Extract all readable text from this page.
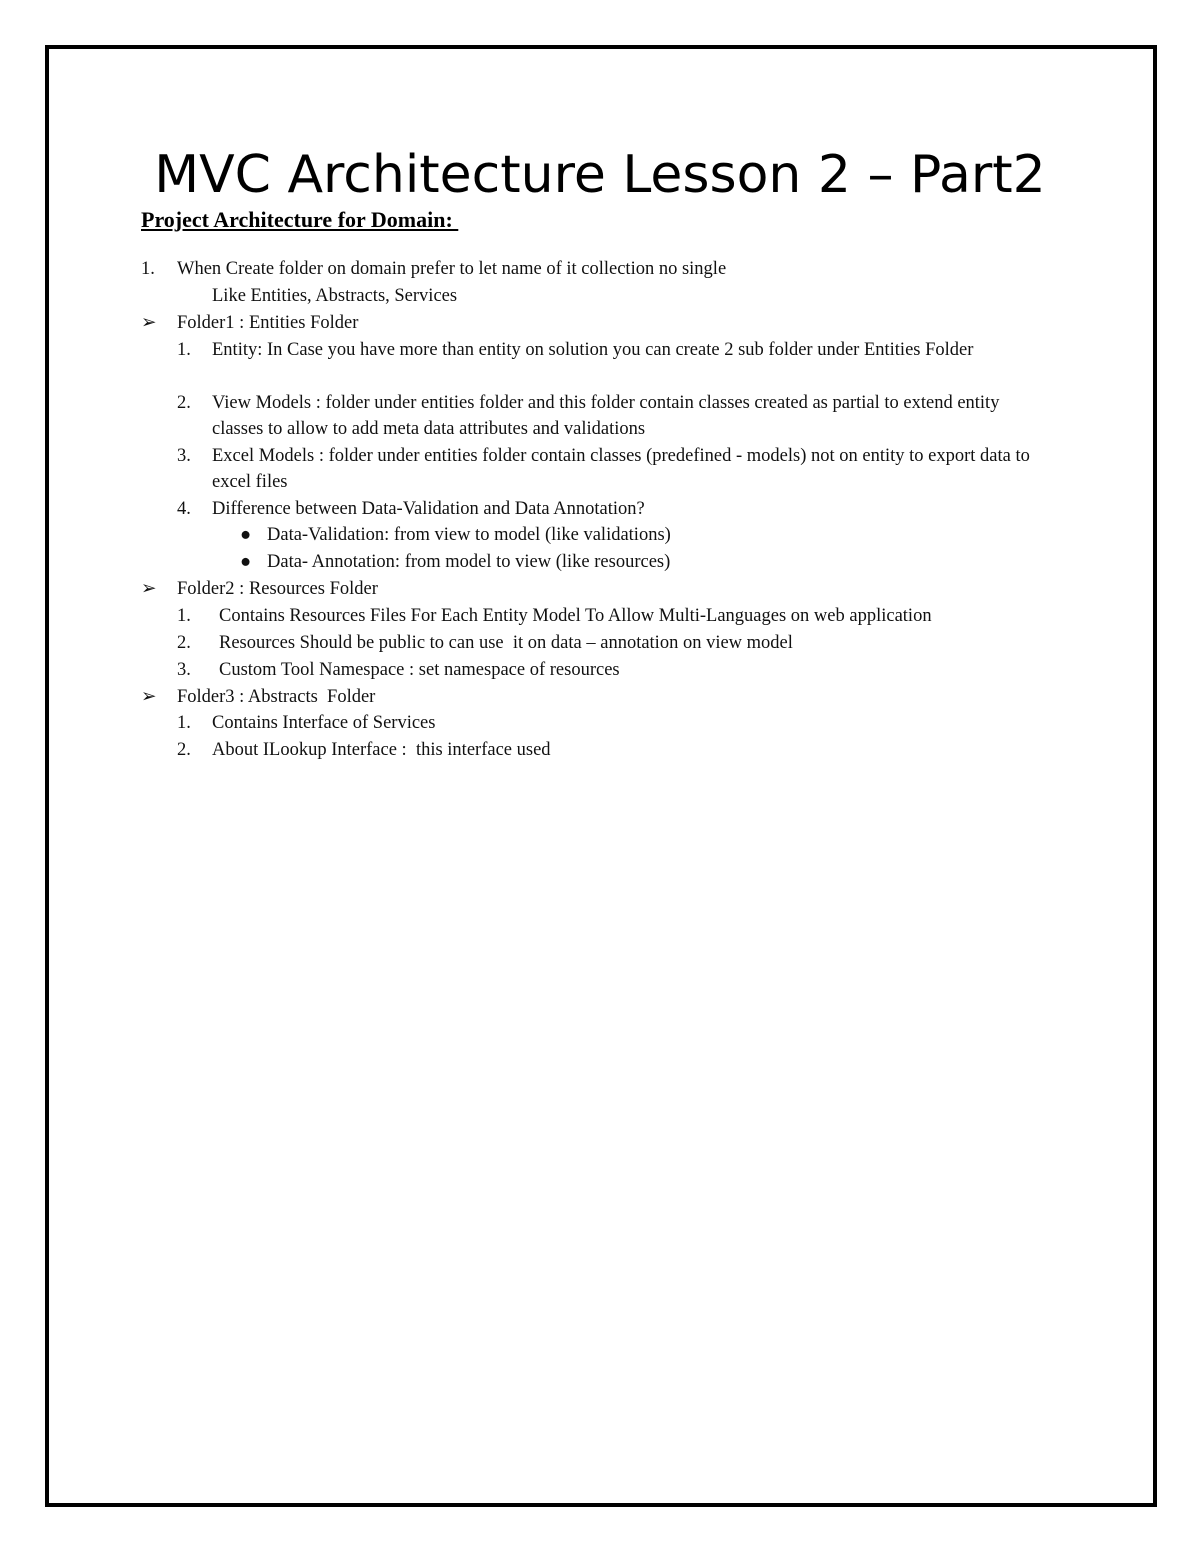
MVC Architecture Lesson 2 – Part2
Project Architecture for Domain:
1. When Create folder on domain prefer to let name of it collection no single
Like Entities, Abstracts, Services
➢ Folder1 : Entities Folder
1. Entity: In Case you have more than entity on solution you can create 2 sub folder under Entities Folder
2. View Models : folder under entities folder and this folder contain classes created as partial to extend entity classes to allow to add meta data attributes and validations
3. Excel Models : folder under entities folder contain classes (predefined - models) not on entity to export data to excel files
4. Difference between Data-Validation and Data Annotation?
● Data-Validation: from view to model (like validations)
● Data- Annotation: from model to view (like resources)
➢ Folder2 : Resources Folder
1. Contains Resources Files For Each Entity Model To Allow Multi-Languages on web application
2. Resources Should be public to can use  it on data – annotation on view model
3. Custom Tool Namespace : set namespace of resources
➢ Folder3 : Abstracts  Folder
1. Contains Interface of Services
2. About ILookup Interface :  this interface used
